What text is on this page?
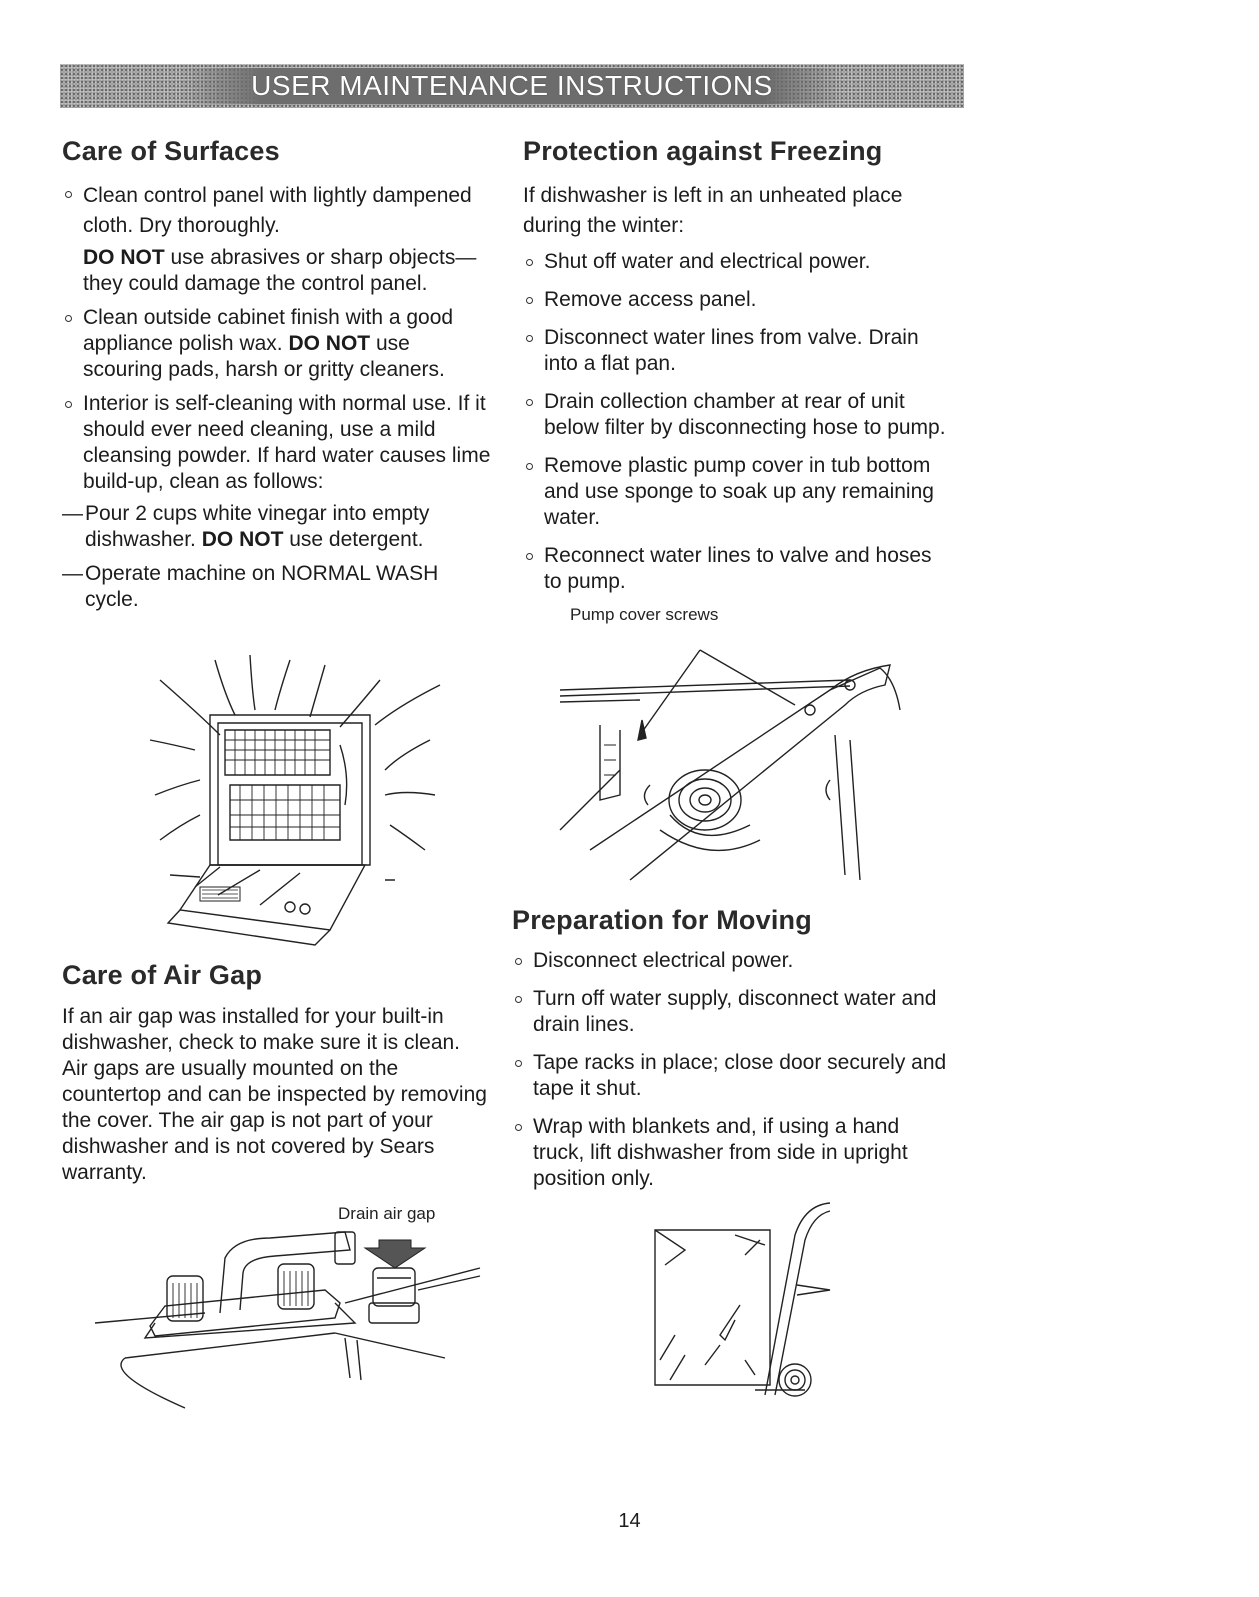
USER MAINTENANCE INSTRUCTIONS
Care of Surfaces
Clean control panel with lightly dampened cloth. Dry thoroughly.

DO NOT use abrasives or sharp objects—they could damage the control panel.

Clean outside cabinet finish with a good appliance polish wax. DO NOT use scouring pads, harsh or gritty cleaners.
Interior is self-cleaning with normal use. If it should ever need cleaning, use a mild cleansing powder. If hard water causes lime build-up, clean as follows:
— Pour 2 cups white vinegar into empty dishwasher. DO NOT use detergent.
— Operate machine on NORMAL WASH cycle.
Care of Air Gap

If an air gap was installed for your built-in dishwasher, check to make sure it is clean. Air gaps are usually mounted on the countertop and can be inspected by removing the cover. The air gap is not part of your dishwasher and is not covered by Sears warranty.

Drain air gap
Protection against Freezing

If dishwasher is left in an unheated place during the winter:

Shut off water and electrical power.
Remove access panel.
Disconnect water lines from valve. Drain into a flat pan.
Drain collection chamber at rear of unit below filter by disconnecting hose to pump.
Remove plastic pump cover in tub bottom and use sponge to soak up any remaining water.
Reconnect water lines to valve and hoses to pump.
Pump cover screws
Preparation for Moving
Disconnect electrical power.
Turn off water supply, disconnect water and drain lines.
Tape racks in place; close door securely and tape it shut.
Wrap with blankets and, if using a hand truck, lift dishwasher from side in upright position only.
14
